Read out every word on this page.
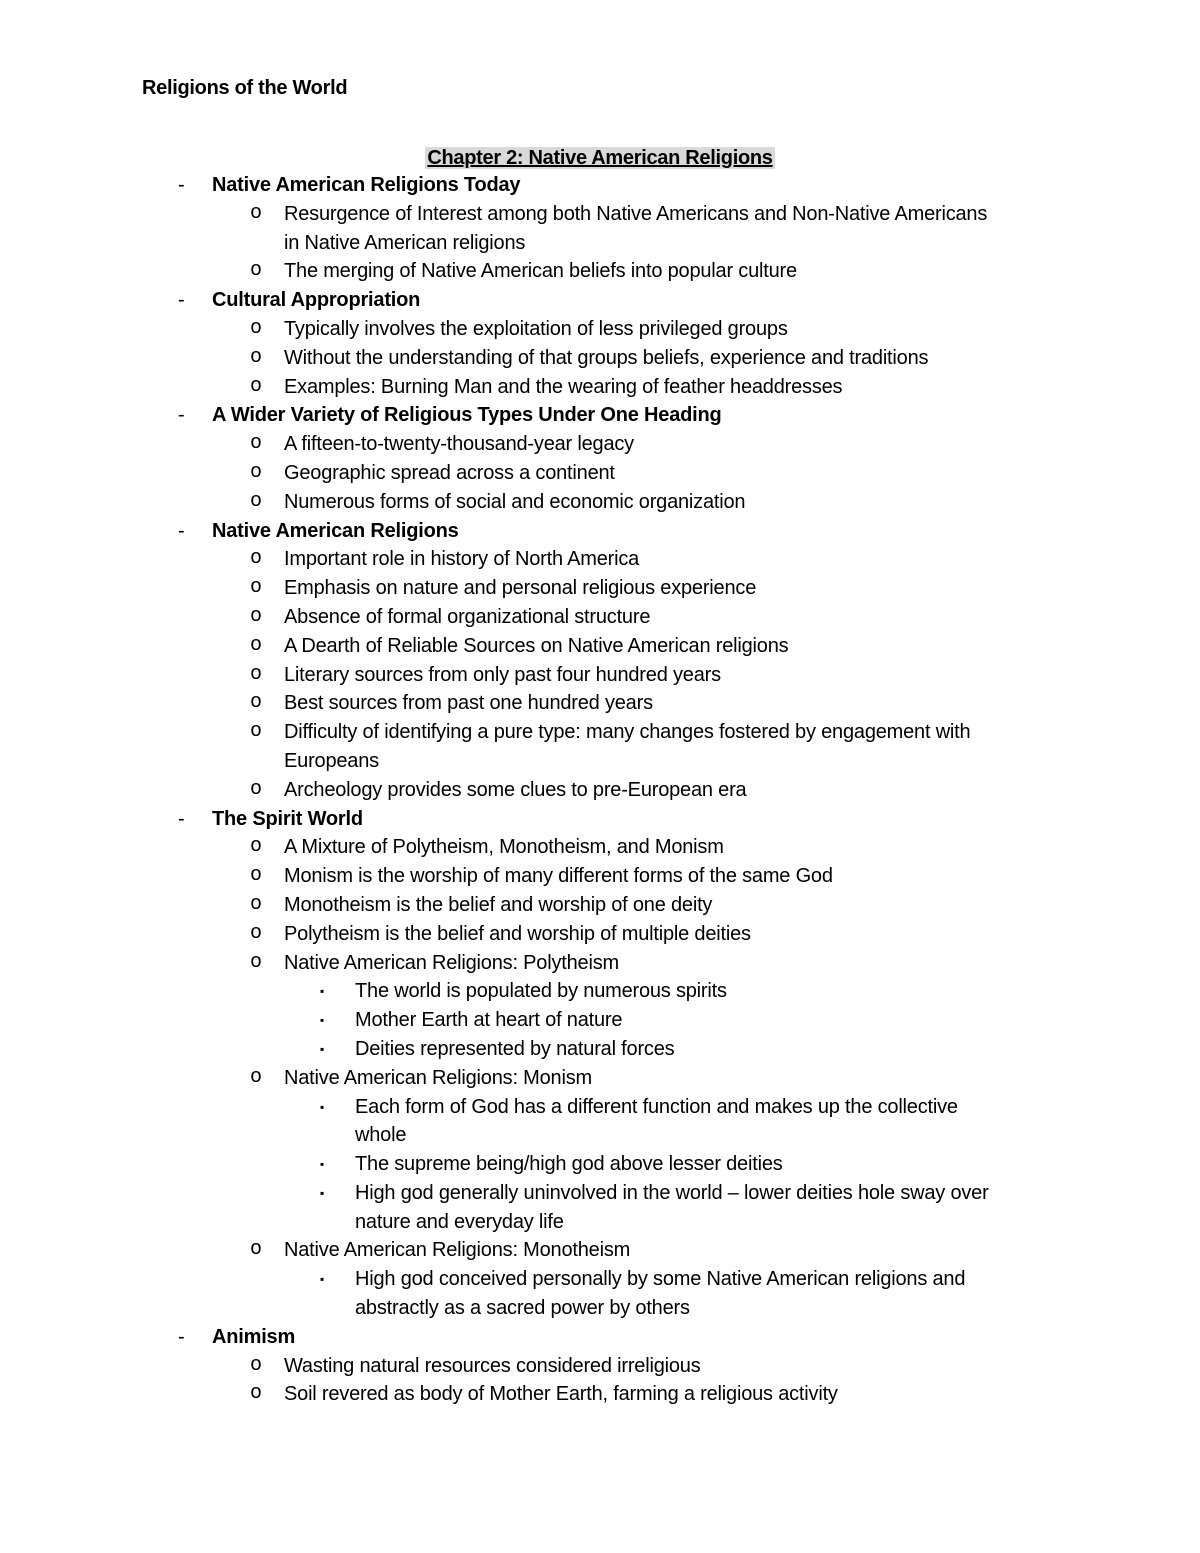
Religions of the World
Chapter 2: Native American Religions
- Native American Religions Today
o Resurgence of Interest among both Native Americans and Non-Native Americans
in Native American religions
o The merging of Native American beliefs into popular culture
- Cultural Appropriation
o Typically involves the exploitation of less privileged groups
o Without the understanding of that groups beliefs, experience and traditions
o Examples: Burning Man and the wearing of feather headdresses
- A Wider Variety of Religious Types Under One Heading
o A fifteen-to-twenty-thousand-year legacy
o Geographic spread across a continent
o Numerous forms of social and economic organization
- Native American Religions
o Important role in history of North America
o Emphasis on nature and personal religious experience
o Absence of formal organizational structure
o A Dearth of Reliable Sources on Native American religions
o Literary sources from only past four hundred years
o Best sources from past one hundred years
o Difficulty of identifying a pure type: many changes fostered by engagement with
Europeans
o Archeology provides some clues to pre-European era
- The Spirit World
o A Mixture of Polytheism, Monotheism, and Monism
o Monism is the worship of many different forms of the same God
o Monotheism is the belief and worship of one deity
o Polytheism is the belief and worship of multiple deities
o Native American Religions: Polytheism
▪ The world is populated by numerous spirits
▪ Mother Earth at heart of nature
▪ Deities represented by natural forces
o Native American Religions: Monism
▪ Each form of God has a different function and makes up the collective
whole
▪ The supreme being/high god above lesser deities
▪ High god generally uninvolved in the world – lower deities hole sway over
nature and everyday life
o Native American Religions: Monotheism
▪ High god conceived personally by some Native American religions and
abstractly as a sacred power by others
- Animism
o Wasting natural resources considered irreligious
o Soil revered as body of Mother Earth, farming a religious activity
